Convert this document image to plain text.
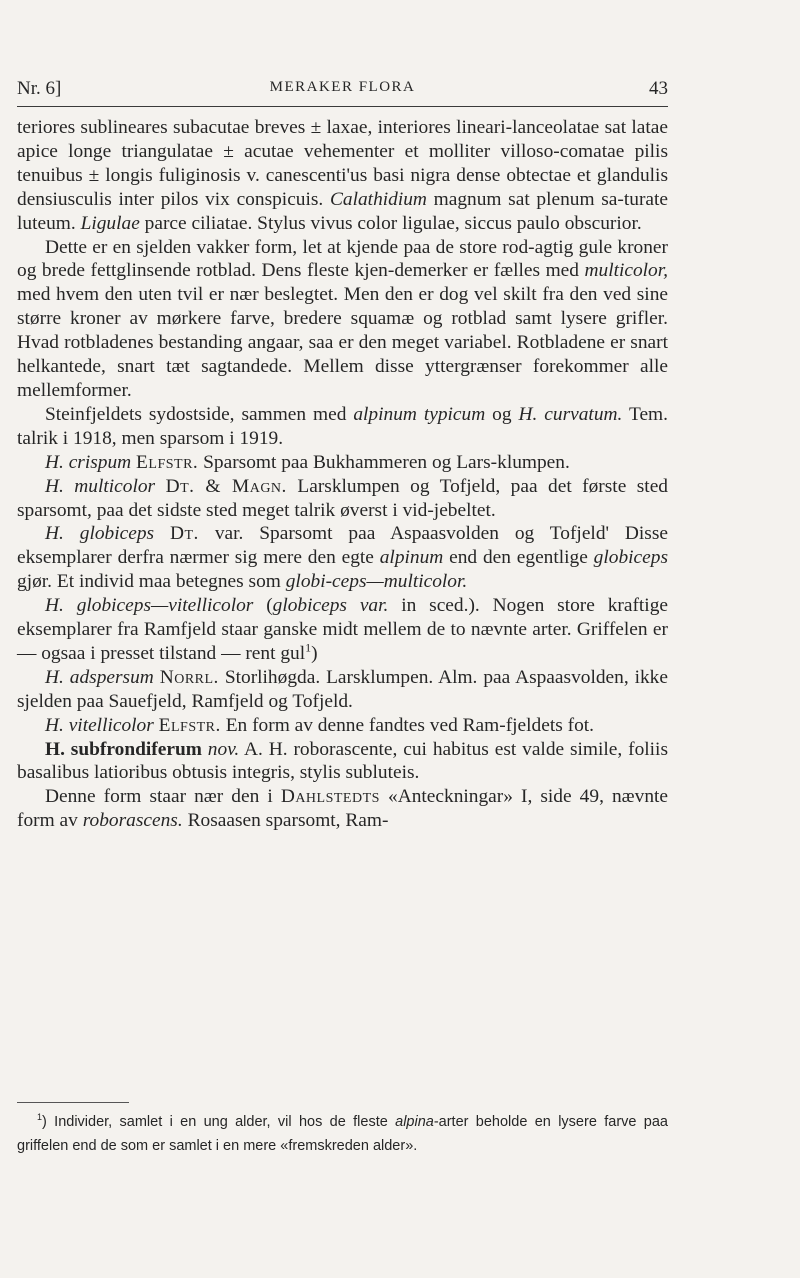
Nr. 6]	MERAKER FLORA	43

teriores sublineares subacutae breves ± laxae, interiores lineari-lanceolatae sat latae apice longe triangulatae ± acutae vehementer et molliter villoso-comatae pilis tenuibus ± longis fuliginosis v. canescenti'us basi nigra dense obtectae et glandulis densiusculis inter pilos vix conspicuis. Calathidium magnum sat plenum sa-turate luteum. Ligulae parce ciliatae. Stylus vivus color ligulae, siccus paulo obscurior.

Dette er en sjelden vakker form, let at kjende paa de store rod-agtig gule kroner og brede fettglinsende rotblad. Dens fleste kjen-demerker er fælles med multicolor, med hvem den uten tvil er nær beslegtet. Men den er dog vel skilt fra den ved sine større kroner av mørkere farve, bredere squamæ og rotblad samt lysere grifler. Hvad rotbladenes bestanding angaar, saa er den meget variabel. Rotbladene er snart helkantede, snart tæt sagtandede. Mellem disse yttergrænser forekommer alle mellemformer.

Steinfjeldets sydostside, sammen med alpinum typicum og H. curvatum. Tem. talrik i 1918, men sparsom i 1919.

H. crispum Elfstr. Sparsomt paa Bukhammeren og Lars-klumpen.

H. multicolor Dt. & Magn. Larsklumpen og Tofjeld, paa det første sted sparsomt, paa det sidste sted meget talrik øverst i vid-jebeltet.

H. globiceps Dt. var. Sparsomt paa Aspaasvolden og Tofjeld' Disse eksemplarer derfra nærmer sig mere den egte alpinum end den egentlige globiceps gjør. Et individ maa betegnes som globi-ceps—multicolor.

H. globiceps—vitellicolor (globiceps var. in sced.). Nogen store kraftige eksemplarer fra Ramfjeld staar ganske midt mellem de to nævnte arter. Griffelen er — ogsaa i presset tilstand — rent gul$^1$)

H. adspersum Norrl. Storlihøgda. Larsklumpen. Alm. paa Aspaasvolden, ikke sjelden paa Sauefjeld, Ramfjeld og Tofjeld.

H. vitellicolor Elfstr. En form av denne fandtes ved Ram-fjeldets fot.

H. subfrondiferum nov. A. H. roborascente, cui habitus est valde simile, foliis basalibus latioribus obtusis integris, stylis subluteis.

Denne form staar nær den i Dahlstedts «Anteckningar» I, side 49, nævnte form av roborascens. Rosaasen sparsomt, Ram-

$^1$) Individer, samlet i en ung alder, vil hos de fleste alpina-arter beholde en lysere farve paa griffelen end de som er samlet i en mere «fremskreden alder».
